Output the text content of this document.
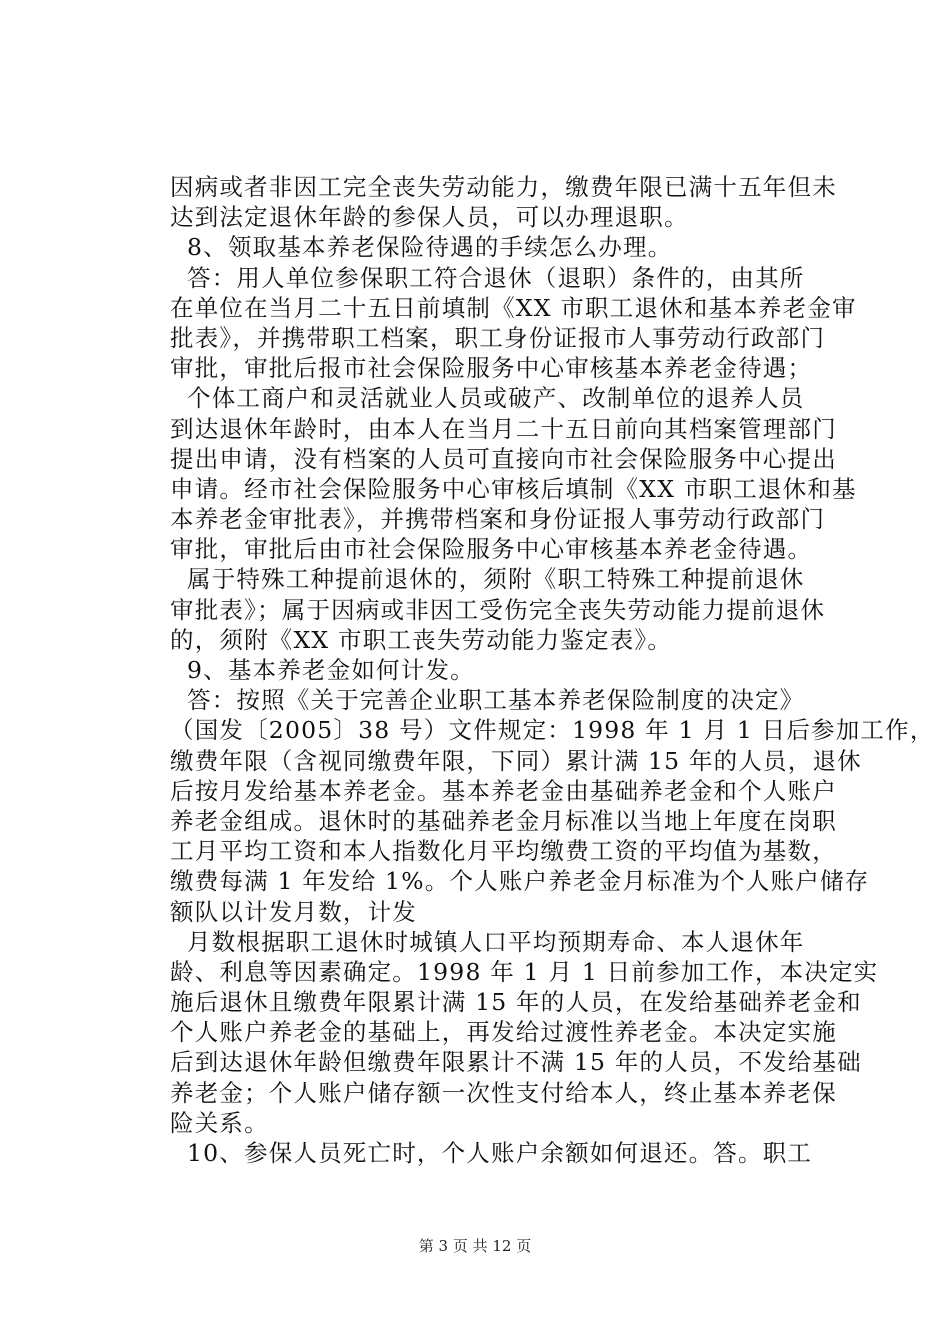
因病或者非因工完全丧失劳动能力，缴费年限已满十五年但未
达到法定退休年龄的参保人员，可以办理退职。
8、领取基本养老保险待遇的手续怎么办理。
答：用人单位参保职工符合退休（退职）条件的，由其所
在单位在当月二十五日前填制《XX 市职工退休和基本养老金审
批表》，并携带职工档案，职工身份证报市人事劳动行政部门
审批，审批后报市社会保险服务中心审核基本养老金待遇；
个体工商户和灵活就业人员或破产、改制单位的退养人员
到达退休年龄时，由本人在当月二十五日前向其档案管理部门
提出申请，没有档案的人员可直接向市社会保险服务中心提出
申请。经市社会保险服务中心审核后填制《XX 市职工退休和基
本养老金审批表》，并携带档案和身份证报人事劳动行政部门
审批，审批后由市社会保险服务中心审核基本养老金待遇。
属于特殊工种提前退休的，须附《职工特殊工种提前退休
审批表》；属于因病或非因工受伤完全丧失劳动能力提前退休
的，须附《XX 市职工丧失劳动能力鉴定表》。
9、基本养老金如何计发。
答：按照《关于完善企业职工基本养老保险制度的决定》
（国发〔2005〕38 号）文件规定：1998 年 1 月 1 日后参加工作，
缴费年限（含视同缴费年限，下同）累计满 15 年的人员，退休
后按月发给基本养老金。基本养老金由基础养老金和个人账户
养老金组成。退休时的基础养老金月标准以当地上年度在岗职
工月平均工资和本人指数化月平均缴费工资的平均值为基数，
缴费每满 1 年发给 1%。个人账户养老金月标准为个人账户储存
额队以计发月数，计发
月数根据职工退休时城镇人口平均预期寿命、本人退休年
龄、利息等因素确定。1998 年 1 月 1 日前参加工作，本决定实
施后退休且缴费年限累计满 15 年的人员，在发给基础养老金和
个人账户养老金的基础上，再发给过渡性养老金。本决定实施
后到达退休年龄但缴费年限累计不满 15 年的人员，不发给基础
养老金；个人账户储存额一次性支付给本人，终止基本养老保
险关系。
10、参保人员死亡时，个人账户余额如何退还。答。职工
第 3 页 共 12 页
